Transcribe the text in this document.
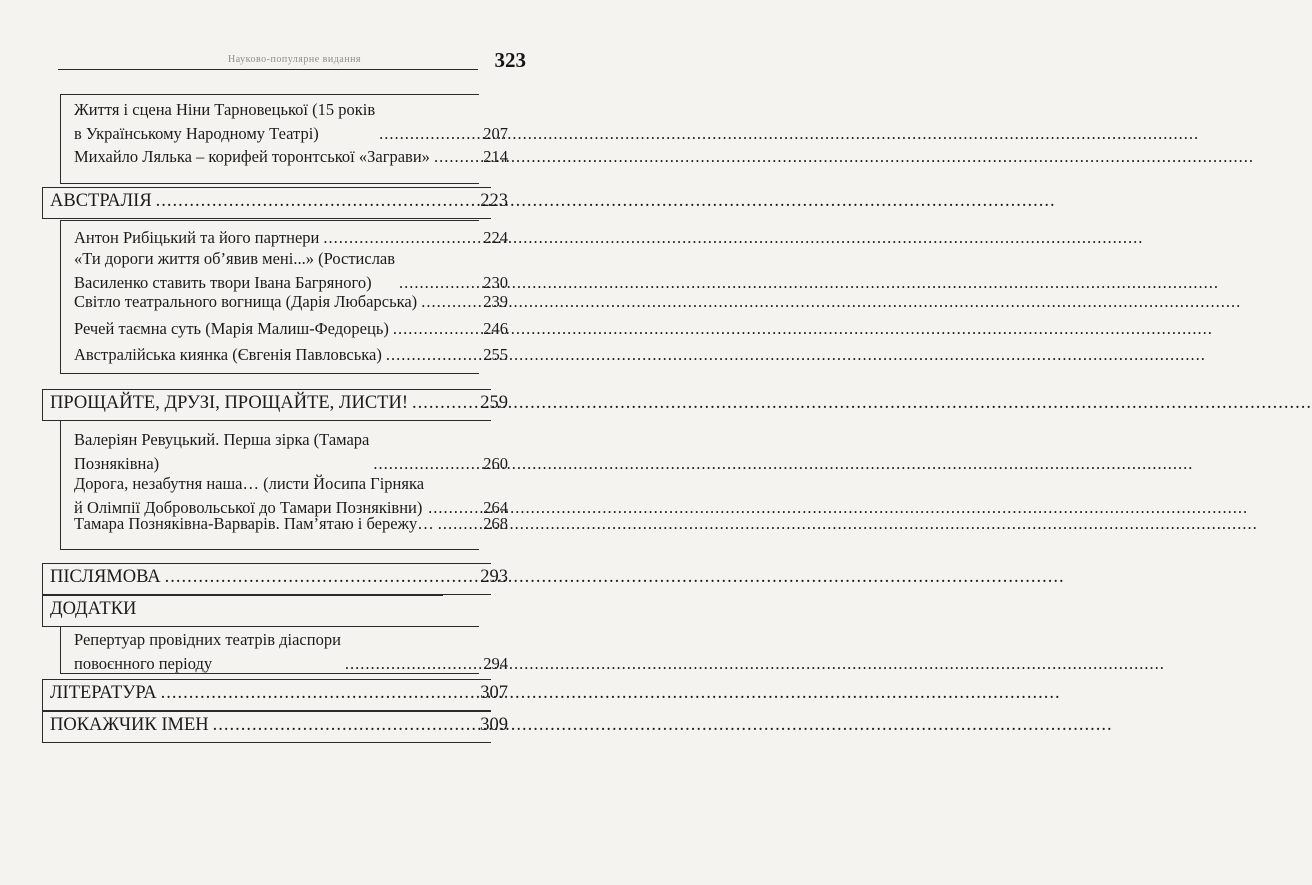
Науково-популярне видання	323
Життя і сцена Ніни Тарновецької (15 років
в Українському Народному Театрі) .....	207
Михайло Лялька – корифей торонтської «Заграви» .....	214
АВСТРАЛІЯ .....	223
Антон Рибіцький та його партнери .....	224
«Ти дороги життя об’явив мені...» (Ростислав
Василенко ставить твори Івана Багряного) .....	230
Світло театрального вогнища (Дарія Любарська) .....	239
Речей таємна суть (Марія Малиш-Федорець) .....	246
Австралійська киянка (Євгенія Павловська) .....	255
ПРОЩАЙТЕ, ДРУЗІ, ПРОЩАЙТЕ, ЛИСТИ! .....	259
Валеріян Ревуцький. Перша зірка (Тамара
Позняківна) .....	260
Дорога, незабутня наша… (листи Йосипа Гірняка
й Олімпії Добровольської до Тамари Позняківни) .....	264
Тамара Позняківна-Варварів. Пам’ятаю і бережу… .....	268
ПІСЛЯМОВА .....	293
ДОДАТКИ
Репертуар провідних театрів діаспори
повоєнного періоду .....	294
ЛІТЕРАТУРА .....	307
ПОКАЖЧИК ІМЕН .....	309
